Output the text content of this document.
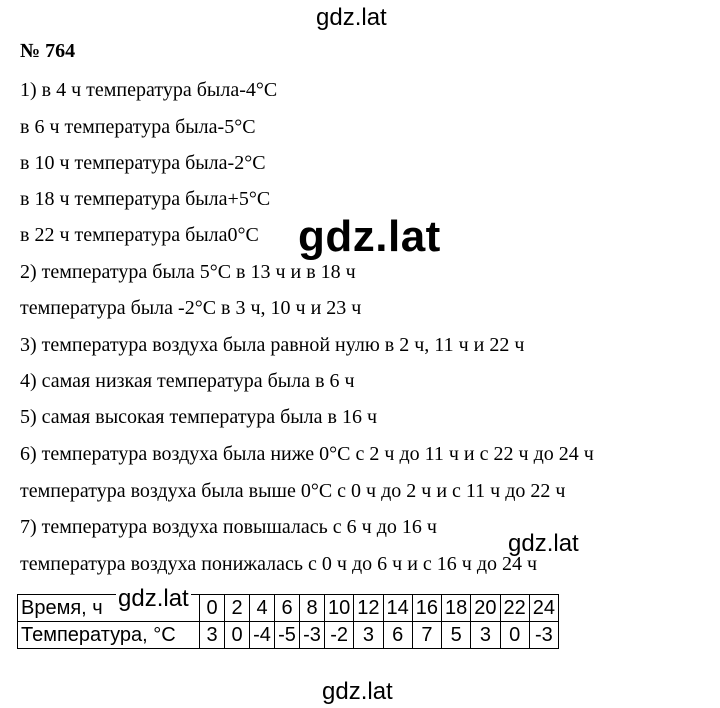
№ 764
1) в 4 ч температура была-4°C
в 6 ч температура была-5°C
в 10 ч температура была-2°C
в 18 ч температура была+5°C
в 22 ч температура была0°C
2) температура была 5°C в 13 ч и в 18 ч
температура была -2°C в 3 ч, 10 ч и 23 ч
3) температура воздуха была равной нулю в 2 ч, 11 ч и 22 ч
4) самая низкая температура была в 6 ч
5) самая высокая температура была в 16 ч
6) температура воздуха была ниже 0°C с 2 ч до 11 ч и с 22 ч до 24 ч
температура воздуха была выше 0°C с 0 ч до 2 ч и с 11 ч до 22 ч
7) температура воздуха повышалась с 6 ч до 16 ч
температура воздуха понижалась с 0 ч до 6 ч и с 16 ч до 24 ч
Время, ч	0	2	4	6	8	10	12	14	16	18	20	22	24
Температура, °C	3	0	-4	-5	-3	-2	3	6	7	5	3	0	-3
gdz.lat
gdz.lat
gdz.lat
gdz.lat
gdz.lat
